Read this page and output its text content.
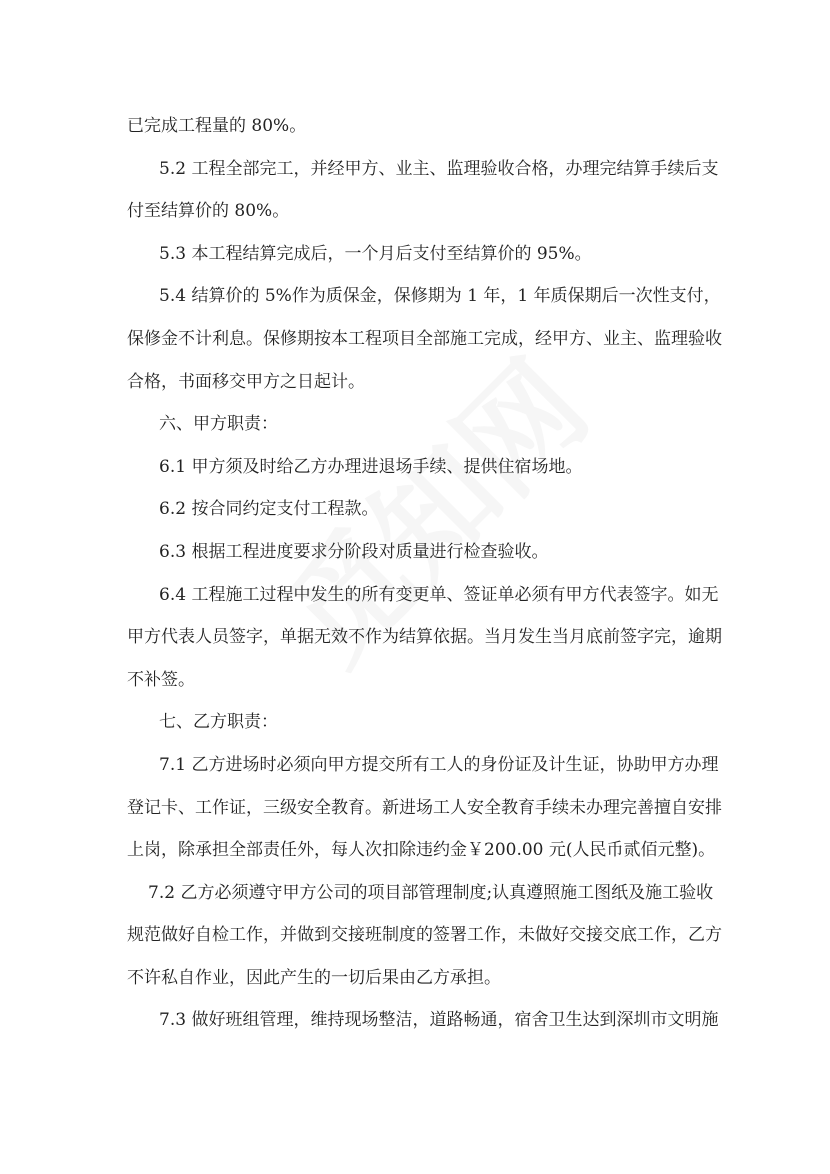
已完成工程量的 80%。
5.2 工程全部完工，并经甲方、业主、监理验收合格，办理完结算手续后支
付至结算价的 80%。
5.3 本工程结算完成后，一个月后支付至结算价的 95%。
5.4 结算价的 5%作为质保金，保修期为 1 年，1 年质保期后一次性支付，
保修金不计利息。保修期按本工程项目全部施工完成，经甲方、业主、监理验收
合格，书面移交甲方之日起计。
六、甲方职责：
6.1 甲方须及时给乙方办理进退场手续、提供住宿场地。
6.2 按合同约定支付工程款。
6.3 根据工程进度要求分阶段对质量进行检查验收。
6.4 工程施工过程中发生的所有变更单、签证单必须有甲方代表签字。如无
甲方代表人员签字，单据无效不作为结算依据。当月发生当月底前签字完，逾期
不补签。
七、乙方职责：
7.1 乙方进场时必须向甲方提交所有工人的身份证及计生证，协助甲方办理
登记卡、工作证，三级安全教育。新进场工人安全教育手续未办理完善擅自安排
上岗，除承担全部责任外，每人次扣除违约金￥200.00 元(人民币贰佰元整)。
7.2 乙方必须遵守甲方公司的项目部管理制度;认真遵照施工图纸及施工验收
规范做好自检工作，并做到交接班制度的签署工作，未做好交接交底工作，乙方
不许私自作业，因此产生的一切后果由乙方承担。
7.3 做好班组管理，维持现场整洁，道路畅通，宿舍卫生达到深圳市文明施
